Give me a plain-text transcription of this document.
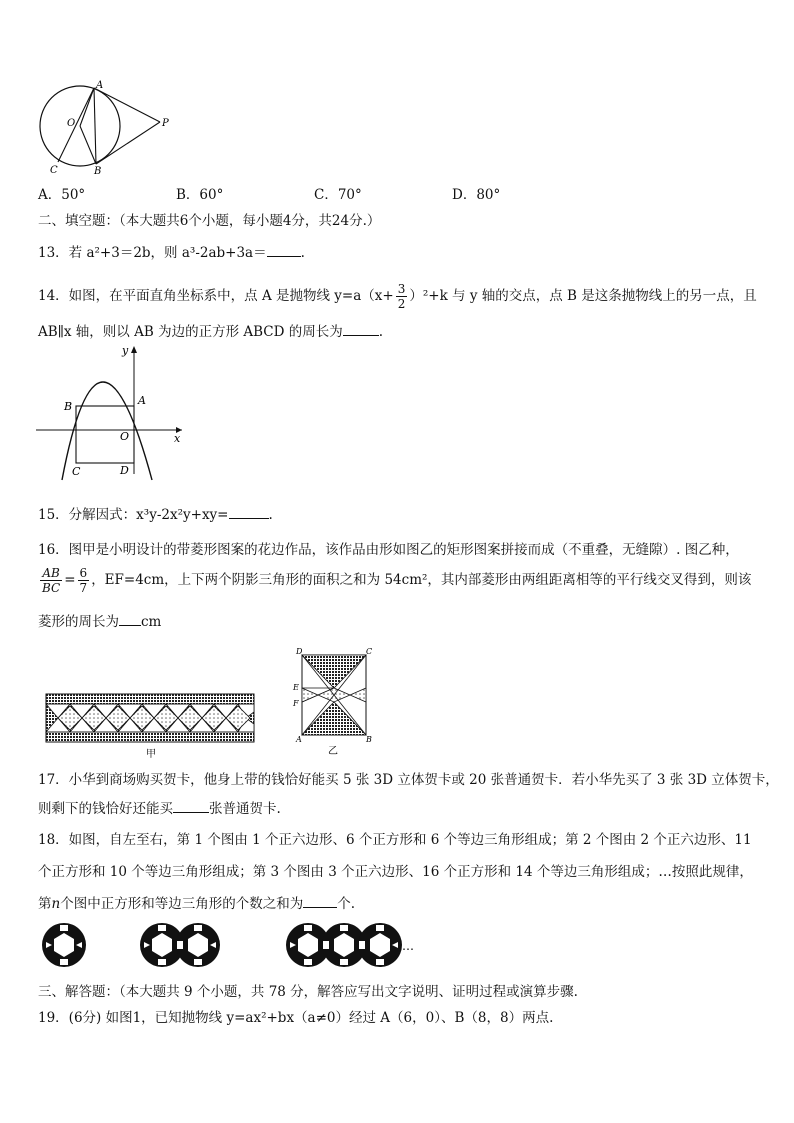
A
O
C	B
P
A．50°	B．60°	C．70°	D．80°
二、填空题：（本大题共6个小题，每小题4分，共24分.）
13．若 a²+3＝2b，则 a³-2ab+3a＝	.
14．如图，在平面直角坐标系中，点 A 是抛物线 $y=a(x+ \frac{3}{2} )^2+k$ 与 y 轴的交点，点 B 是这条抛物线上的另一点，且
AB∥x 轴，则以 AB 为边的正方形 ABCD 的周长为	.
y
x
A
B
O
C	D
15．分解因式：x³y-2x²y+xy=	.
16．图甲是小明设计的带菱形图案的花边作品，该作品由形如图乙的矩形图案拼接而成（不重叠，无缝隙）. 图乙种，
$\frac{AB}{BC} = \frac{6}{7}$ ，EF=4cm，上下两个阴影三角形的面积之和为 54cm²，其内部菱形由两组距离相等的平行线交叉得到，则该
菱形的周长为 cm
甲
D	C
E
F
A	B
乙
17．小华到商场购买贺卡，他身上带的钱恰好能买 5 张 3D 立体贺卡或 20 张普通贺卡．若小华先买了 3 张 3D 立体贺卡，
则剩下的钱恰好还能买	张普通贺卡.
18．如图，自左至右，第 1 个图由 1 个正六边形、6 个正方形和 6 个等边三角形组成；第 2 个图由 2 个正六边形、11
个正方形和 10 个等边三角形组成；第 3 个图由 3 个正六边形、16 个正方形和 14 个等边三角形组成；…按照此规律，
第n个图中正方形和等边三角形的个数之和为	个.
…
三、解答题：（本大题共 9 个小题，共 78 分，解答应写出文字说明、证明过程或演算步骤.
19．(6分) 如图1，已知抛物线 y=ax²+bx（a≠0）经过 A（6，0）、B（8，8）两点.
